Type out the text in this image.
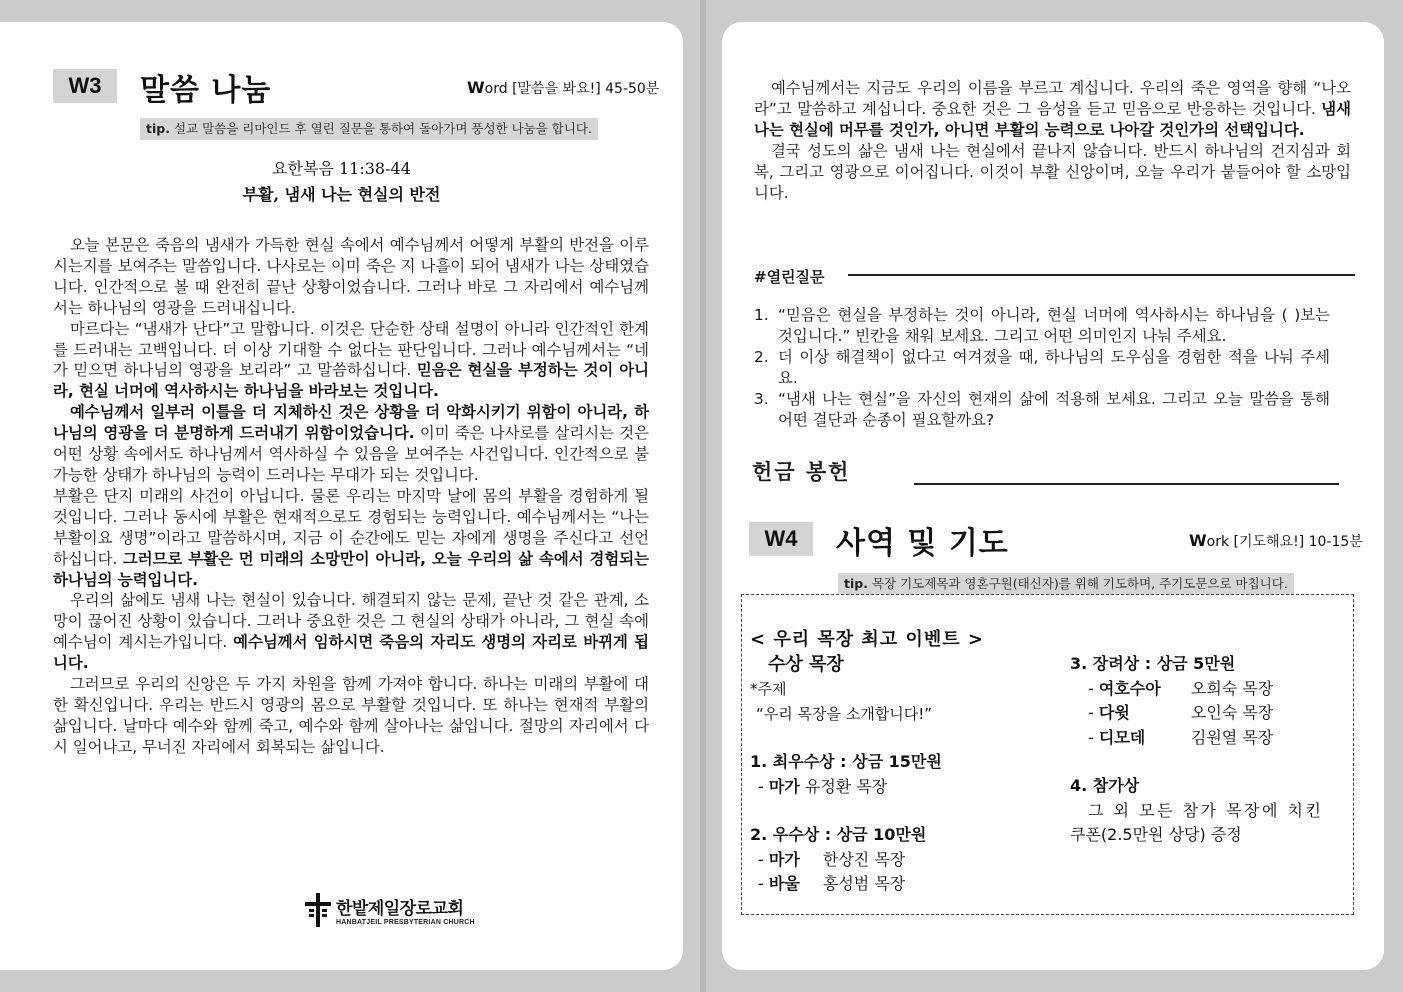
W3	말씀 나눔	Word [말씀을 봐요!] 45-50분
tip. 설교 말씀을 리마인드 후 열린 질문을 통하여 돌아가며 풍성한 나눔을 합니다.
요한복음 11:38-44
부활, 냄새 나는 현실의 반전

오늘 본문은 죽음의 냄새가 가득한 현실 속에서 예수님께서 어떻게 부활의 반전을 이루시는지를 보여주는 말씀입니다. 나사로는 이미 죽은 지 나흘이 되어 냄새가 나는 상태였습니다. 인간적으로 볼 때 완전히 끝난 상황이었습니다. 그러나 바로 그 자리에서 예수님께서는 하나님의 영광을 드러내십니다.

마르다는 “냄새가 난다”고 말합니다. 이것은 단순한 상태 설명이 아니라 인간적인 한계를 드러내는 고백입니다. 더 이상 기대할 수 없다는 판단입니다. 그러나 예수님께서는 “네가 믿으면 하나님의 영광을 보리라” 고 말씀하십니다. 믿음은 현실을 부정하는 것이 아니라, 현실 너머에 역사하시는 하나님을 바라보는 것입니다.

예수님께서 일부러 이틀을 더 지체하신 것은 상황을 더 악화시키기 위함이 아니라, 하나님의 영광을 더 분명하게 드러내기 위함이었습니다. 이미 죽은 나사로를 살리시는 것은 어떤 상황 속에서도 하나님께서 역사하실 수 있음을 보여주는 사건입니다. 인간적으로 불가능한 상태가 하나님의 능력이 드러나는 무대가 되는 것입니다.

부활은 단지 미래의 사건이 아닙니다. 물론 우리는 마지막 날에 몸의 부활을 경험하게 될 것입니다. 그러나 동시에 부활은 현재적으로도 경험되는 능력입니다. 예수님께서는 “나는 부활이요 생명”이라고 말씀하시며, 지금 이 순간에도 믿는 자에게 생명을 주신다고 선언하십니다. 그러므로 부활은 먼 미래의 소망만이 아니라, 오늘 우리의 삶 속에서 경험되는 하나님의 능력입니다.

우리의 삶에도 냄새 나는 현실이 있습니다. 해결되지 않는 문제, 끝난 것 같은 관계, 소망이 끊어진 상황이 있습니다. 그러나 중요한 것은 그 현실의 상태가 아니라, 그 현실 속에 예수님이 계시는가입니다. 예수님께서 임하시면 죽음의 자리도 생명의 자리로 바뀌게 됩니다.

그러므로 우리의 신앙은 두 가지 차원을 함께 가져야 합니다. 하나는 미래의 부활에 대한 확신입니다. 우리는 반드시 영광의 몸으로 부활할 것입니다. 또 하나는 현재적 부활의 삶입니다. 날마다 예수와 함께 죽고, 예수와 함께 살아나는 삶입니다. 절망의 자리에서 다시 일어나고, 무너진 자리에서 회복되는 삶입니다.

한밭제일장로교회
HANBATJEIL PRESBYTERIAN CHURCH

예수님께서는 지금도 우리의 이름을 부르고 계십니다. 우리의 죽은 영역을 향해 “나오라”고 말씀하고 계십니다. 중요한 것은 그 음성을 듣고 믿음으로 반응하는 것입니다. 냄새 나는 현실에 머무를 것인가, 아니면 부활의 능력으로 나아갈 것인가의 선택입니다.

결국 성도의 삶은 냄새 나는 현실에서 끝나지 않습니다. 반드시 하나님의 건지심과 회복, 그리고 영광으로 이어집니다. 이것이 부활 신앙이며, 오늘 우리가 붙들어야 할 소망입니다.

#열린질문
1. “믿음은 현실을 부정하는 것이 아니라, 현실 너머에 역사하시는 하나님을 ( )보는 것입니다.” 빈칸을 채워 보세요. 그리고 어떤 의미인지 나눠 주세요.
2. 더 이상 해결책이 없다고 여겨졌을 때, 하나님의 도우심을 경험한 적을 나눠 주세요.
3. “냄새 나는 현실”을 자신의 현재의 삶에 적용해 보세요. 그리고 오늘 말씀을 통해 어떤 결단과 순종이 필요할까요?
헌금 봉헌
W4	사역 및 기도	Work [기도해요!] 10-15분
tip. 목장 기도제목과 영혼구원(태신자)를 위해 기도하며, 주기도문으로 마칩니다.
< 우리 목장 최고 이벤트 >
수상 목장
*주제
“우리 목장을 소개합니다!”
1. 최우수상 : 상금 15만원
- 마가 유정환 목장
2. 우수상 : 상금 10만원
- 마가 한상진 목장
- 바울 홍성범 목장
3. 장려상 : 상금 5만원
- 여호수아 오희숙 목장
- 다윗	오인숙 목장
- 디모데	김원열 목장
4. 참가상
그 외 모든 참가 목장에 치킨
쿠폰(2.5만원 상당) 증정
